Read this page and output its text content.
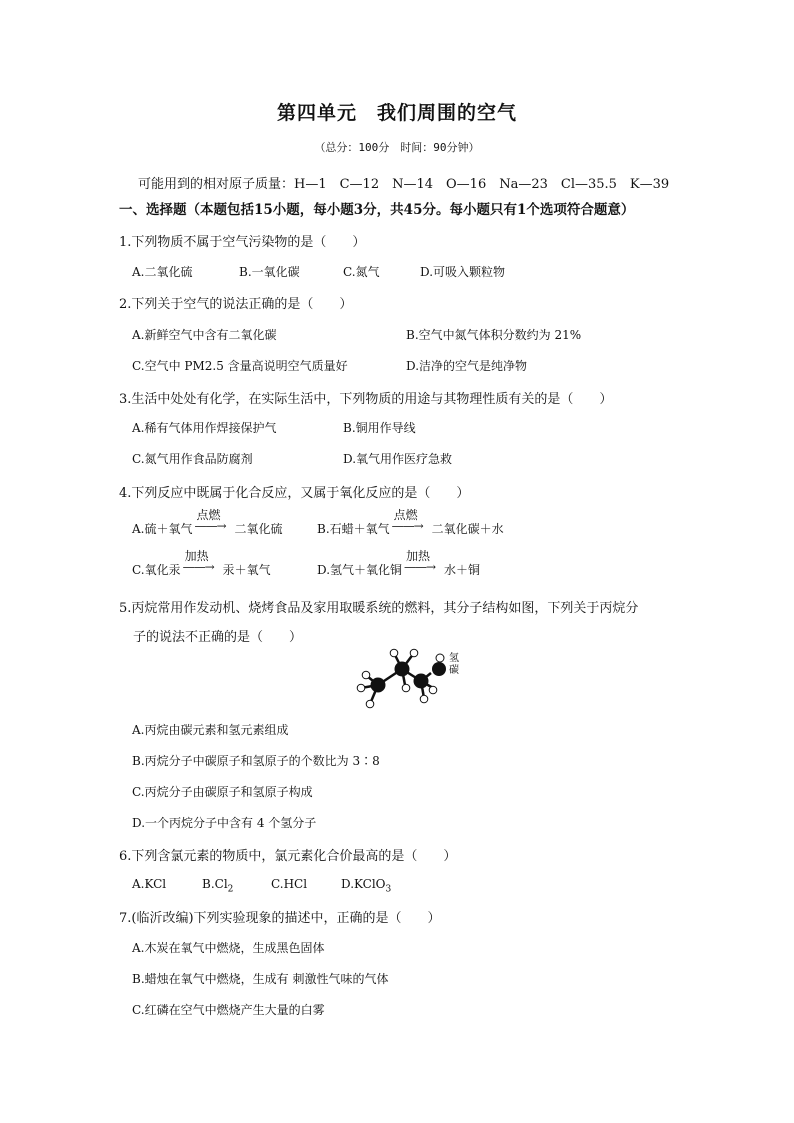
第四单元　我们周围的空气
（总分：100分　时间：90分钟）
可能用到的相对原子质量：H—1　C—12　N—14　O—16　Na—23　Cl—35.5　K—39
一、选择题（本题包括15小题，每小题3分，共45分。每小题只有1个选项符合题意）
1.下列物质不属于空气污染物的是（　　）
A.二氧化硫	B.一氧化碳	C.氮气	D.可吸入颗粒物
2.下列关于空气的说法正确的是（　　）
A.新鲜空气中含有二氧化碳	B.空气中氮气体积分数约为 21%
C.空气中 PM2.5 含量高说明空气质量好	D.洁净的空气是纯净物
3.生活中处处有化学，在实际生活中，下列物质的用途与其物理性质有关的是（　　）
A.稀有气体用作焊接保护气	B.铜用作导线
C.氮气用作食品防腐剂	D.氧气用作医疗急救
4.下列反应中既属于化合反应，又属于氧化反应的是（　　）
A.硫＋氧气
点燃
——→ 二氧化硫	B.石蜡＋氧气
点燃
——→ 二氧化碳＋水
C.氧化汞
加热
——→ 汞＋氧气	D.氢气＋氧化铜
加热
——→ 水＋铜
5.丙烷常用作发动机、烧烤食品及家用取暖系统的燃料，其分子结构如图，下列关于丙烷分
子的说法不正确的是（　　）
氢
碳
A.丙烷由碳元素和氢元素组成
B.丙烷分子中碳原子和氢原子的个数比为 3∶8
C.丙烷分子由碳原子和氢原子构成
D.一个丙烷分子中含有 4 个氢分子
6.下列含氯元素的物质中，氯元素化合价最高的是（　　）
A.KCl	$B.Cl_2$	C.HCl	D.KClO$_3$
7.(临沂改编)下列实验现象的描述中，正确的是（　　）
A.木炭在氧气中燃烧，生成黑色固体
B.蜡烛在氧气中燃烧，生成有 刺激性气味的气体
C.红磷在空气中燃烧产生大量的白雾
